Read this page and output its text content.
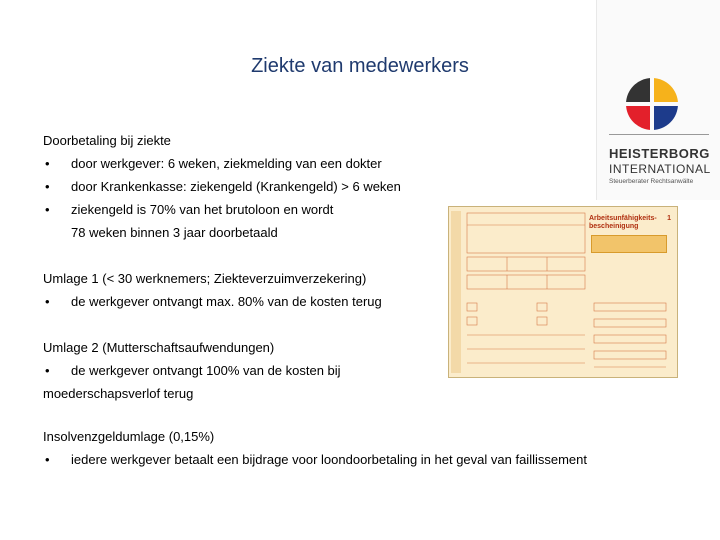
Ziekte van medewerkers
HEISTERBORG
INTERNATIONAL
Steuerberater Rechtsanwälte
Doorbetaling bij ziekte
• door werkgever: 6 weken, ziekmelding van een dokter
• door Krankenkasse: ziekengeld (Krankengeld) > 6 weken
• ziekengeld is 70% van het brutoloon en wordt
78 weken binnen 3 jaar doorbetaald
Arbeitsunfähigkeits-
bescheinigung
1
Umlage 1 (< 30 werknemers; Ziekteverzuimverzekering)
• de werkgever ontvangt max. 80% van de kosten terug
Umlage 2 (Mutterschaftsaufwendungen)
• de werkgever ontvangt 100% van de kosten bij
moederschapsverlof terug
Insolvenzgeldumlage (0,15%)
• iedere werkgever betaalt een bijdrage voor loondoorbetaling in het geval van faillissement
